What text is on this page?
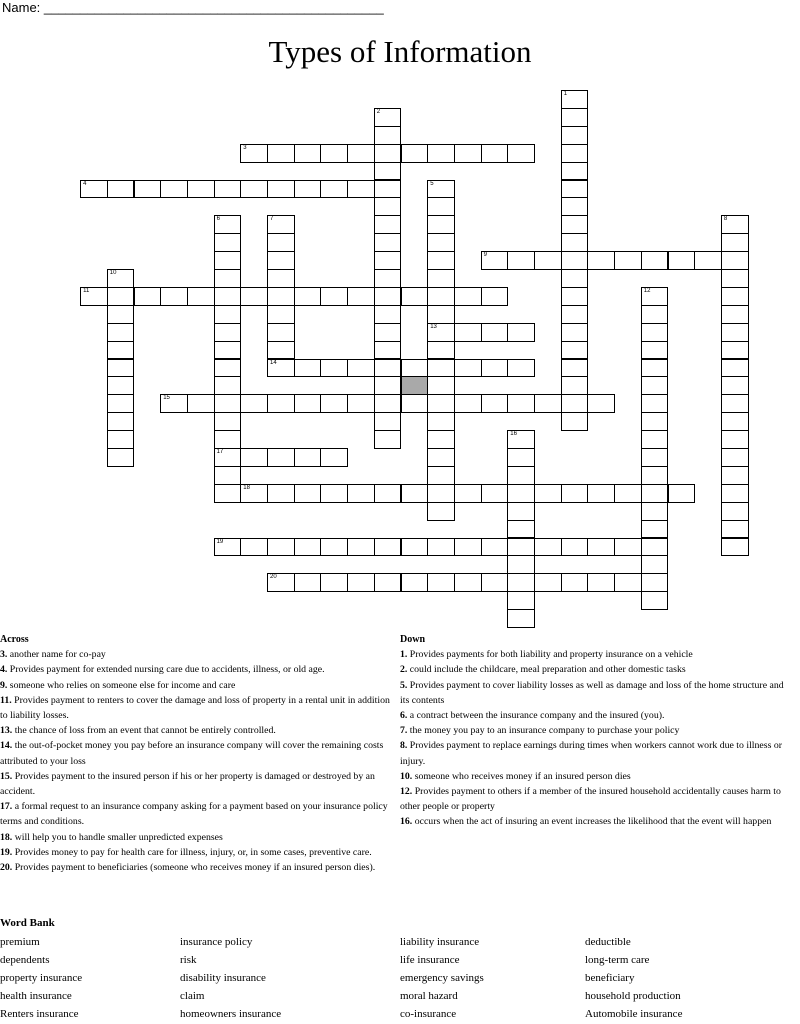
Name: _______________________________________________
Types of Information
1
2
3
4	5
13
6
17
7	8
9
10
11	12
14
15
16
18
19
20
Across

3. another name for co-pay

4. Provides payment for extended nursing care due to accidents, illness, or old age.

9. someone who relies on someone else for income and care

11. Provides payment to renters to cover the damage and loss of property in a rental unit in addition to liability losses.

13. the chance of loss from an event that cannot be entirely controlled.

14. the out-of-pocket money you pay before an insurance company will cover the remaining costs attributed to your loss

15. Provides payment to the insured person if his or her property is damaged or destroyed by an accident.

17. a formal request to an insurance company asking for a payment based on your insurance policy terms and conditions.

18. will help you to handle smaller unpredicted expenses

19. Provides money to pay for health care for illness, injury, or, in some cases, preventive care.

20. Provides payment to beneficiaries (someone who receives money if an insured person dies).

Down

1. Provides payments for both liability and property insurance on a vehicle

2. could include the childcare, meal preparation and other domestic tasks

5. Provides payment to cover liability losses as well as damage and loss of the home structure and its contents

6. a contract between the insurance company and the insured (you).

7. the money you pay to an insurance company to purchase your policy

8. Provides payment to replace earnings during times when workers cannot work due to illness or injury.

10. someone who receives money if an insured person dies

12. Provides payment to others if a member of the insured household accidentally causes harm to other people or property

16. occurs when the act of insuring an event increases the likelihood that the event will happen

Word Bank
premium	insurance policy	liability insurance	deductible
dependents	risk	life insurance	long-term care
property insurance	disability insurance	emergency savings	beneficiary
health insurance	claim	moral hazard	household production
Renters insurance	homeowners insurance	co-insurance	Automobile insurance
